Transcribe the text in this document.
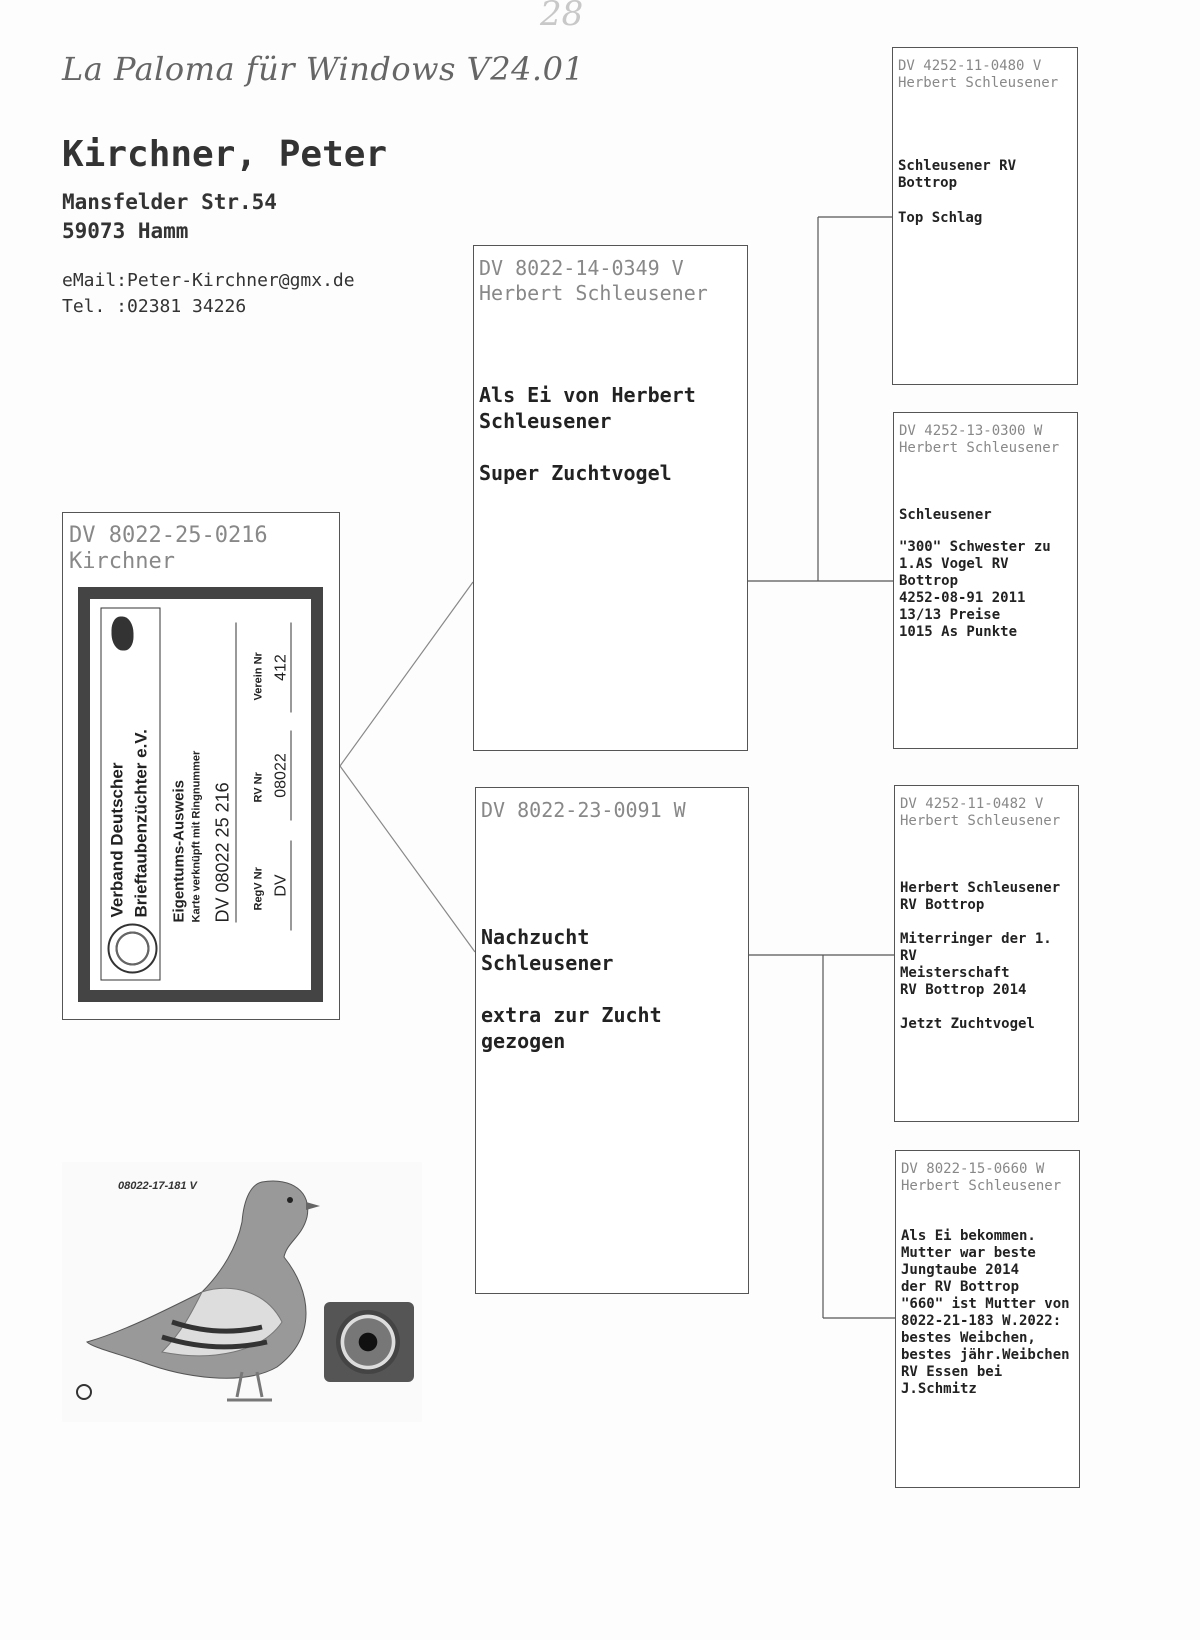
28
La Paloma für Windows V24.01
Kirchner, Peter
Mansfelder Str.54
59073 Hamm
eMail:Peter-Kirchner@gmx.de
Tel. :02381 34226
DV 8022-25-0216
Kirchner
Verband Deutscher
Brieftaubenzüchter e.V.
Eigentums-Ausweis Karte verknüpft mit Ringnummer DV 08022 25 216	RegV Nr
RV Nr
Verein Nr
DV
08022
412
08022-17-181 V
DV 8022-14-0349 V
Herbert Schleusener
Als Ei von Herbert
Schleusener
Super Zuchtvogel
DV 8022-23-0091 W
Nachzucht
Schleusener
extra zur Zucht
gezogen
DV 4252-11-0480 V
Herbert Schleusener
Schleusener RV
Bottrop
Top Schlag
DV 4252-13-0300 W
Herbert Schleusener
Schleusener
"300" Schwester zu
1.AS Vogel RV
Bottrop
4252-08-91 2011
13/13 Preise
1015 As Punkte
DV 4252-11-0482 V
Herbert Schleusener
Herbert Schleusener
RV Bottrop
Miterringer der 1.
RV
Meisterschaft
RV Bottrop 2014
Jetzt Zuchtvogel
DV 8022-15-0660 W
Herbert Schleusener
Als Ei bekommen.
Mutter war beste
Jungtaube 2014
der RV Bottrop
"660" ist Mutter von
8022-21-183 W.2022:
bestes Weibchen,
bestes jähr.Weibchen
RV Essen bei
J.Schmitz
